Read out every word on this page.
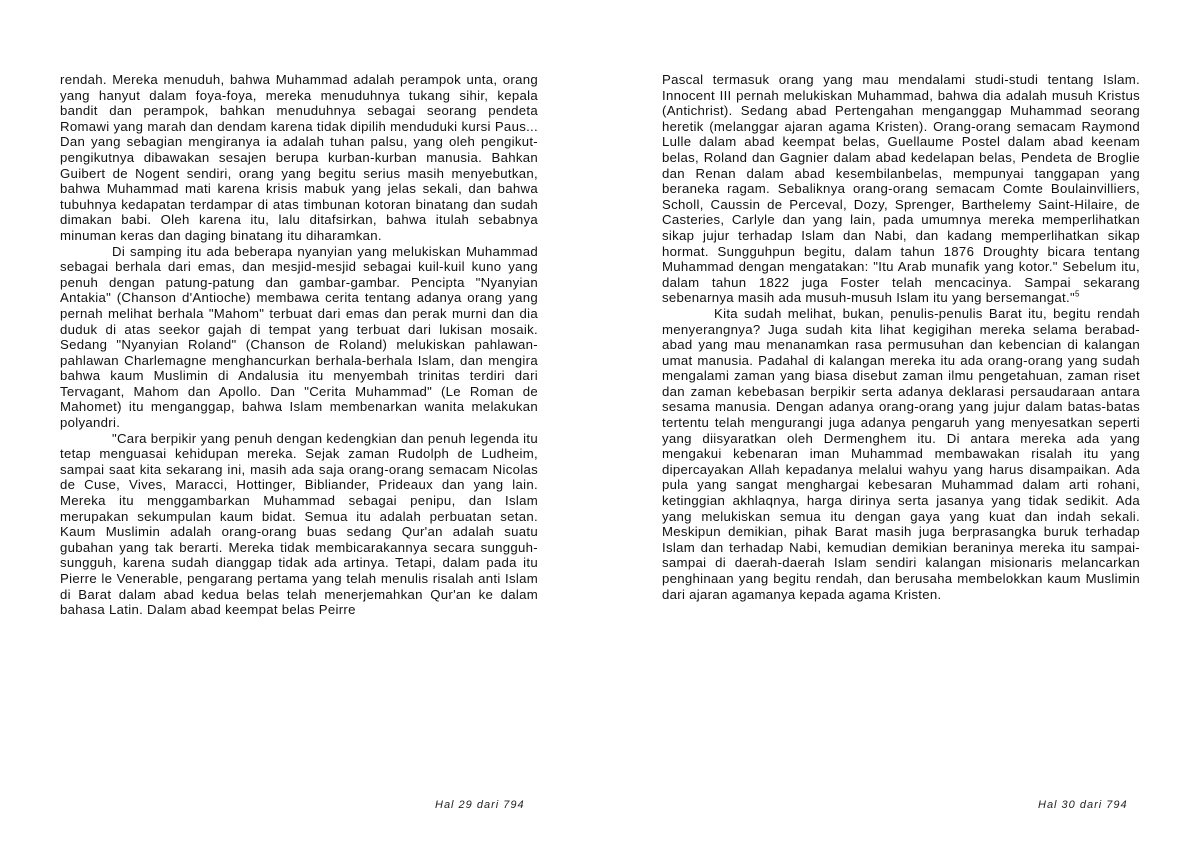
rendah. Mereka menuduh, bahwa Muhammad adalah perampok unta, orang yang hanyut dalam foya-foya, mereka menuduhnya tukang sihir, kepala bandit dan perampok, bahkan menuduhnya sebagai seorang pendeta Romawi yang marah dan dendam karena tidak dipilih menduduki kursi Paus... Dan yang sebagian mengiranya ia adalah tuhan palsu, yang oleh pengikut-pengikutnya dibawakan sesajen berupa kurban-kurban manusia. Bahkan Guibert de Nogent sendiri, orang yang begitu serius masih menyebutkan, bahwa Muhammad mati karena krisis mabuk yang jelas sekali, dan bahwa tubuhnya kedapatan terdampar di atas timbunan kotoran binatang dan sudah dimakan babi. Oleh karena itu, lalu ditafsirkan, bahwa itulah sebabnya minuman keras dan daging binatang itu diharamkan.

Di samping itu ada beberapa nyanyian yang melukiskan Muhammad sebagai berhala dari emas, dan mesjid-mesjid sebagai kuil-kuil kuno yang penuh dengan patung-patung dan gambar-gambar. Pencipta "Nyanyian Antakia" (Chanson d'Antioche) membawa cerita tentang adanya orang yang pernah melihat berhala "Mahom" terbuat dari emas dan perak murni dan dia duduk di atas seekor gajah di tempat yang terbuat dari lukisan mosaik. Sedang "Nyanyian Roland" (Chanson de Roland) melukiskan pahlawan-pahlawan Charlemagne menghancurkan berhala-berhala Islam, dan mengira bahwa kaum Muslimin di Andalusia itu menyembah trinitas terdiri dari Tervagant, Mahom dan Apollo. Dan "Cerita Muhammad" (Le Roman de Mahomet) itu menganggap, bahwa Islam membenarkan wanita melakukan polyandri.

"Cara berpikir yang penuh dengan kedengkian dan penuh legenda itu tetap menguasai kehidupan mereka. Sejak zaman Rudolph de Ludheim, sampai saat kita sekarang ini, masih ada saja orang-orang semacam Nicolas de Cuse, Vives, Maracci, Hottinger, Bibliander, Prideaux dan yang lain. Mereka itu menggambarkan Muhammad sebagai penipu, dan Islam merupakan sekumpulan kaum bidat. Semua itu adalah perbuatan setan. Kaum Muslimin adalah orang-orang buas sedang Qur'an adalah suatu gubahan yang tak berarti. Mereka tidak membicarakannya secara sungguh-sungguh, karena sudah dianggap tidak ada artinya. Tetapi, dalam pada itu Pierre le Venerable, pengarang pertama yang telah menulis risalah anti Islam di Barat dalam abad kedua belas telah menerjemahkan Qur'an ke dalam bahasa Latin. Dalam abad keempat belas Peirre

Hal 29 dari 794

Pascal termasuk orang yang mau mendalami studi-studi tentang Islam. Innocent III pernah melukiskan Muhammad, bahwa dia adalah musuh Kristus (Antichrist). Sedang abad Pertengahan menganggap Muhammad seorang heretik (melanggar ajaran agama Kristen). Orang-orang semacam Raymond Lulle dalam abad keempat belas, Guellaume Postel dalam abad keenam belas, Roland dan Gagnier dalam abad kedelapan belas, Pendeta de Broglie dan Renan dalam abad kesembilanbelas, mempunyai tanggapan yang beraneka ragam. Sebaliknya orang-orang semacam Comte Boulainvilliers, Scholl, Caussin de Perceval, Dozy, Sprenger, Barthelemy Saint-Hilaire, de Casteries, Carlyle dan yang lain, pada umumnya mereka memperlihatkan sikap jujur terhadap Islam dan Nabi, dan kadang memperlihatkan sikap hormat. Sungguhpun begitu, dalam tahun 1876 Droughty bicara tentang Muhammad dengan mengatakan: "Itu Arab munafik yang kotor." Sebelum itu, dalam tahun 1822 juga Foster telah mencacinya. Sampai sekarang sebenarnya masih ada musuh-musuh Islam itu yang bersemangat."$^5$

Kita sudah melihat, bukan, penulis-penulis Barat itu, begitu rendah menyerangnya? Juga sudah kita lihat kegigihan mereka selama berabad-abad yang mau menanamkan rasa permusuhan dan kebencian di kalangan umat manusia. Padahal di kalangan mereka itu ada orang-orang yang sudah mengalami zaman yang biasa disebut zaman ilmu pengetahuan, zaman riset dan zaman kebebasan berpikir serta adanya deklarasi persaudaraan antara sesama manusia. Dengan adanya orang-orang yang jujur dalam batas-batas tertentu telah mengurangi juga adanya pengaruh yang menyesatkan seperti yang diisyaratkan oleh Dermenghem itu. Di antara mereka ada yang mengakui kebenaran iman Muhammad membawakan risalah itu yang dipercayakan Allah kepadanya melalui wahyu yang harus disampaikan. Ada pula yang sangat menghargai kebesaran Muhammad dalam arti rohani, ketinggian akhlaqnya, harga dirinya serta jasanya yang tidak sedikit. Ada yang melukiskan semua itu dengan gaya yang kuat dan indah sekali. Meskipun demikian, pihak Barat masih juga berprasangka buruk terhadap Islam dan terhadap Nabi, kemudian demikian beraninya mereka itu sampai-sampai di daerah-daerah Islam sendiri kalangan misionaris melancarkan penghinaan yang begitu rendah, dan berusaha membelokkan kaum Muslimin dari ajaran agamanya kepada agama Kristen.

Hal 30 dari 794
